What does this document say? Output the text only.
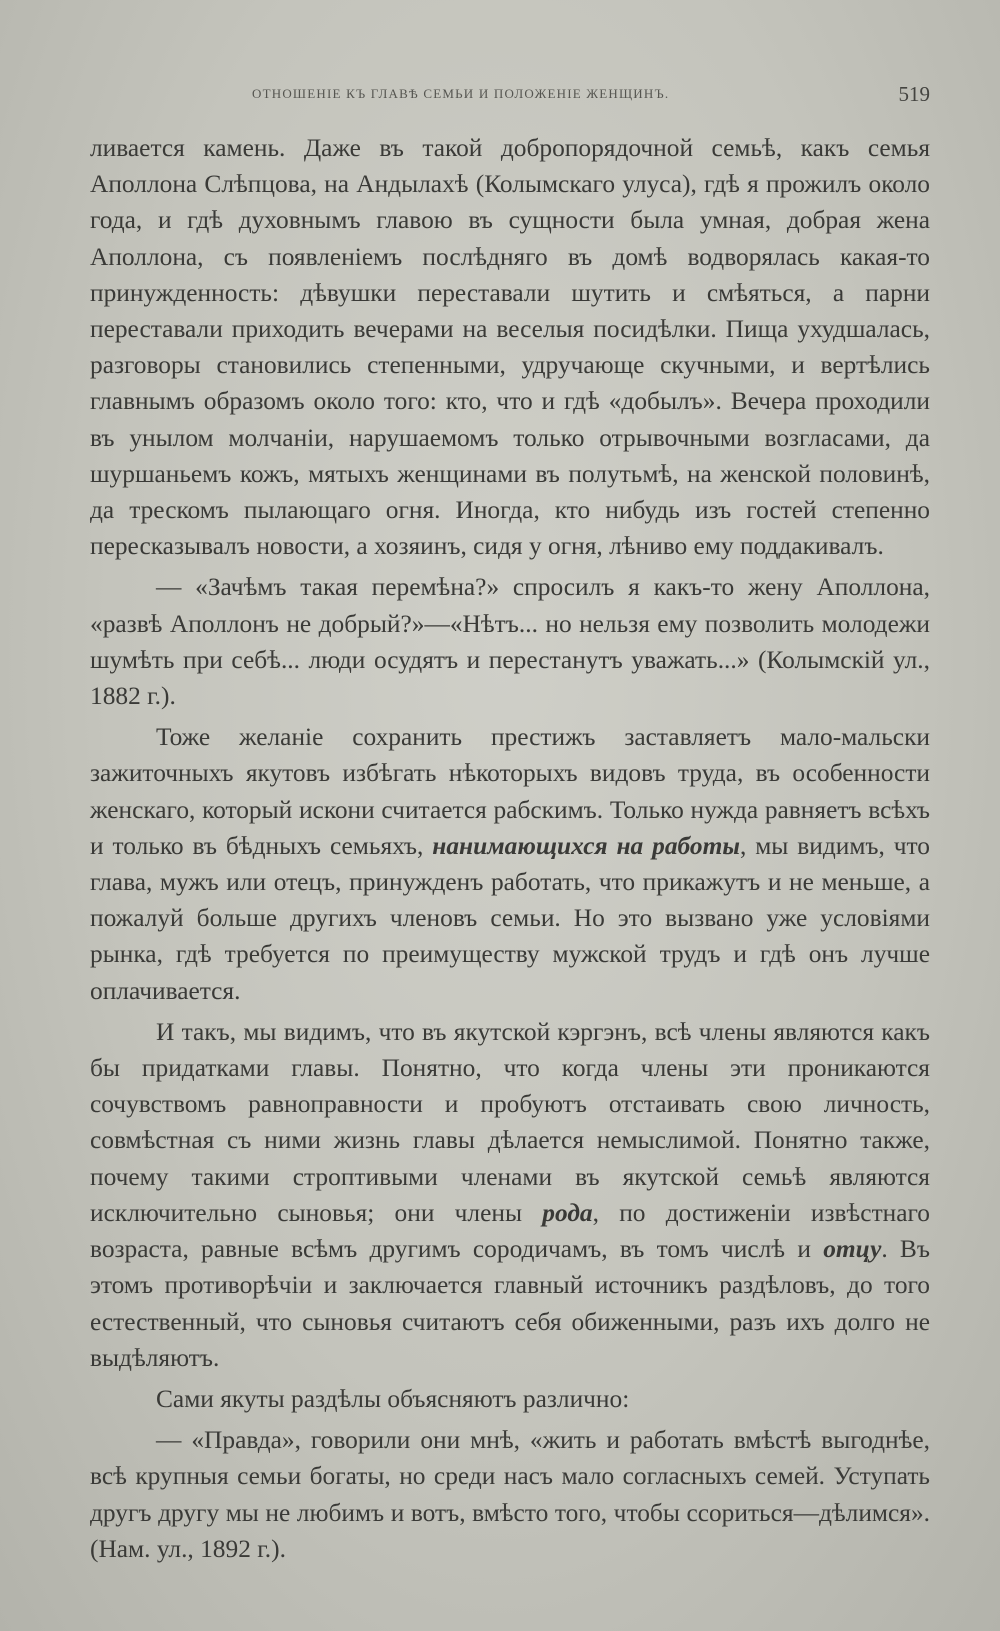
ОТНОШЕНІЕ КЪ ГЛАВѢ СЕМЬИ И ПОЛОЖЕНІЕ ЖЕНЩИНЪ.	519

ливается камень. Даже въ такой добропорядочной семьѣ, какъ семья Аполлона Слѣпцова, на Андылахѣ (Колымскаго улуса), гдѣ я прожилъ около года, и гдѣ духовнымъ главою въ сущности была умная, добрая жена Аполлона, съ появленіемъ послѣдняго въ домѣ водворялась какая-то принужденность: дѣвушки переставали шутить и смѣяться, а парни переставали приходить вечерами на веселыя посидѣлки. Пища ухудшалась, разговоры становились степенными, удручающе скучными, и вертѣлись главнымъ образомъ около того: кто, что и гдѣ «добылъ». Вечера проходили въ унылом молчаніи, нарушаемомъ только отрывочными возгласами, да шуршаньемъ кожъ, мятыхъ женщинами въ полутьмѣ, на женской половинѣ, да трескомъ пылающаго огня. Иногда, кто нибудь изъ гостей степенно пересказывалъ новости, а хозяинъ, сидя у огня, лѣниво ему поддакивалъ.

— «Зачѣмъ такая перемѣна?» спросилъ я какъ-то жену Аполлона, «развѣ Аполлонъ не добрый?»—«Нѣтъ... но нельзя ему позволить молодежи шумѣть при себѣ... люди осудятъ и перестанутъ уважать...» (Колымскій ул., 1882 г.).

Тоже желаніе сохранить престижъ заставляетъ мало-мальски зажиточныхъ якутовъ избѣгать нѣкоторыхъ видовъ труда, въ особенности женскаго, который искони считается рабскимъ. Только нужда равняетъ всѣхъ и только въ бѣдныхъ семьяхъ, нанимающихся на работы, мы видимъ, что глава, мужъ или отецъ, принужденъ работать, что прикажутъ и не меньше, а пожалуй больше другихъ членовъ семьи. Но это вызвано уже условіями рынка, гдѣ требуется по преимуществу мужской трудъ и гдѣ онъ лучше оплачивается.

И такъ, мы видимъ, что въ якутской кэргэнъ, всѣ члены являются какъ бы придатками главы. Понятно, что когда члены эти проникаются сочувствомъ равноправности и пробуютъ отстаивать свою личность, совмѣстная съ ними жизнь главы дѣлается немыслимой. Понятно также, почему такими строптивыми членами въ якутской семьѣ являются исключительно сыновья; они члены рода, по достиженіи извѣстнаго возраста, равные всѣмъ другимъ сородичамъ, въ томъ числѣ и отцу. Въ этомъ противорѣчіи и заключается главный источникъ раздѣловъ, до того естественный, что сыновья считаютъ себя обиженными, разъ ихъ долго не выдѣляютъ.

Сами якуты раздѣлы объясняютъ различно:

— «Правда», говорили они мнѣ, «жить и работать вмѣстѣ выгоднѣе, всѣ крупныя семьи богаты, но среди насъ мало согласныхъ семей. Уступать другъ другу мы не любимъ и вотъ, вмѣсто того, чтобы ссориться—дѣлимся». (Нам. ул., 1892 г.).
